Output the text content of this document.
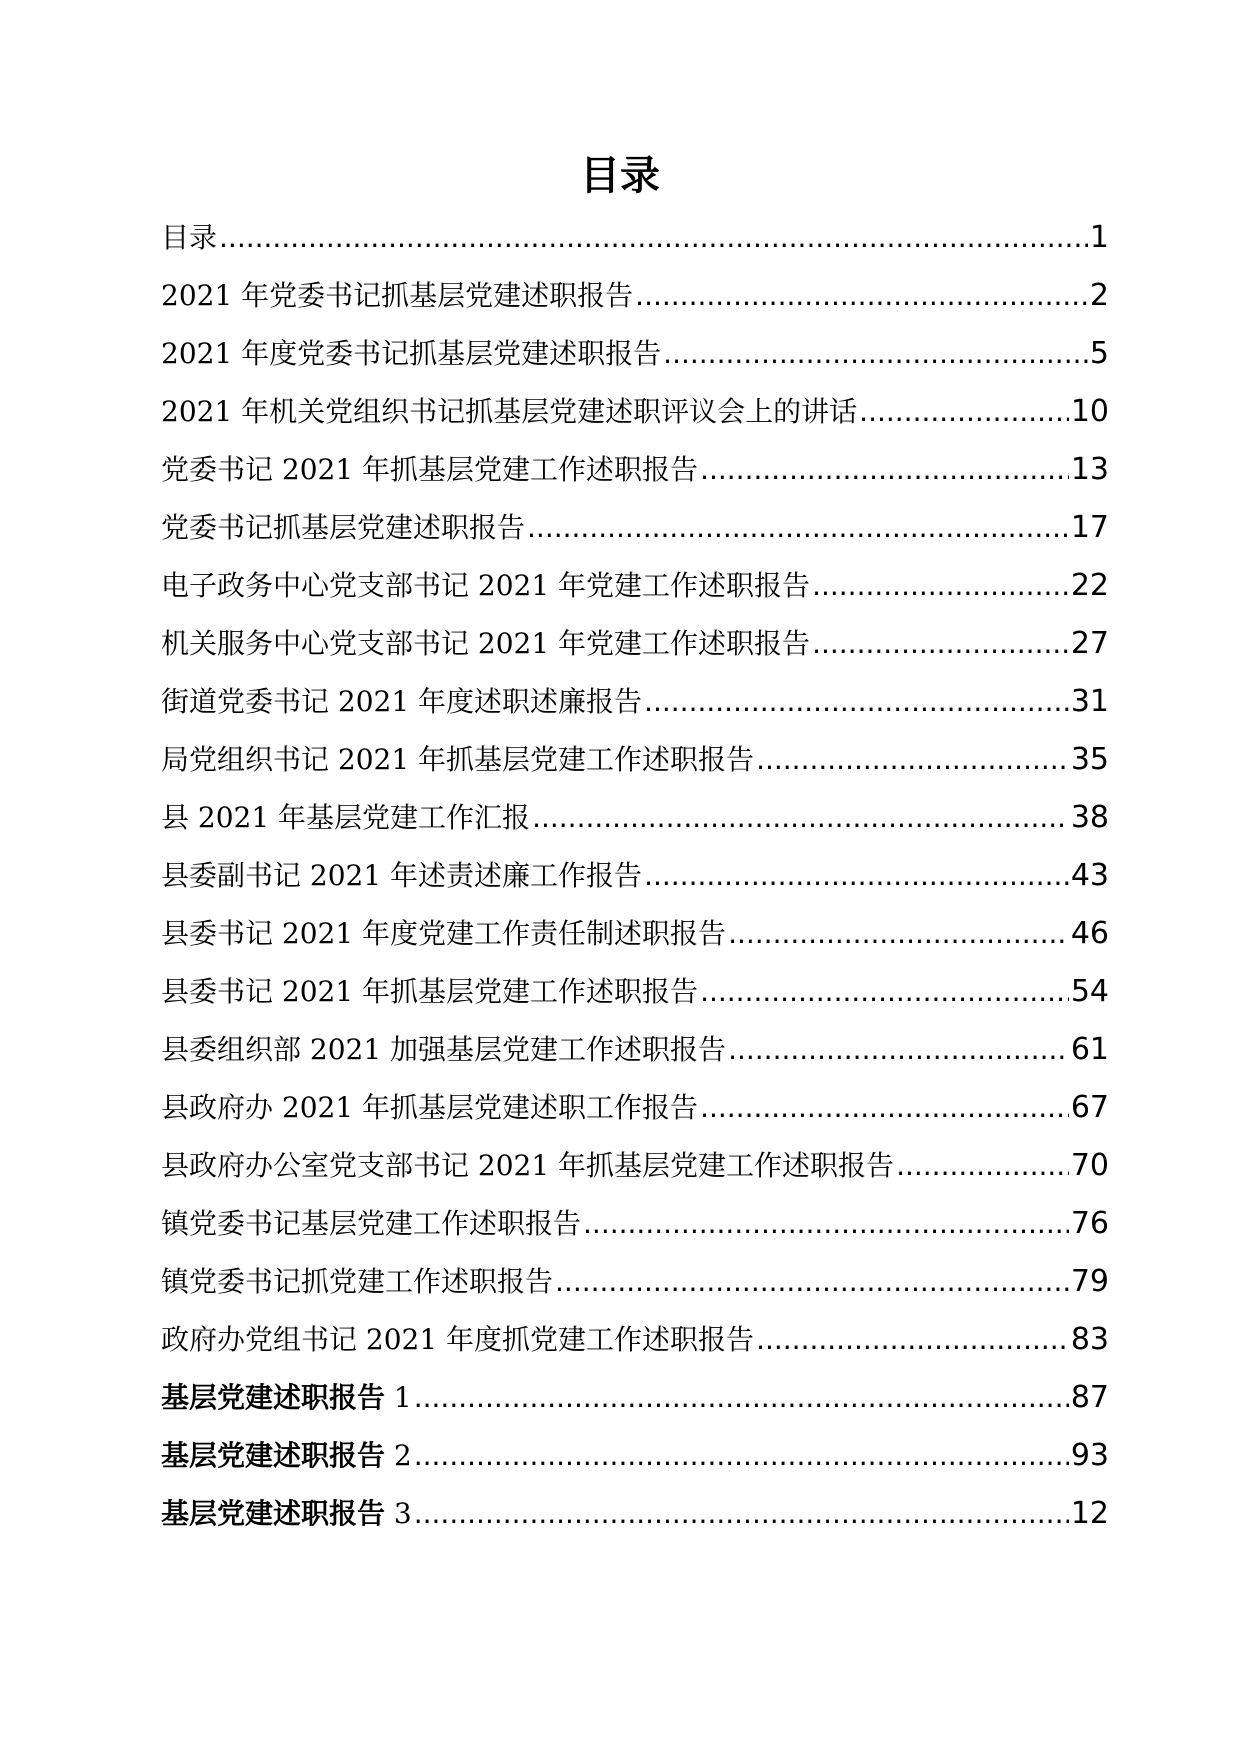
目录
目录 .....	1
2021 年党委书记抓基层党建述职报告 .....	2
2021 年度党委书记抓基层党建述职报告 .....	5
2021 年机关党组织书记抓基层党建述职评议会上的讲话 .....	10
党委书记 2021 年抓基层党建工作述职报告 .....	13
党委书记抓基层党建述职报告 .....	17
电子政务中心党支部书记 2021 年党建工作述职报告 .....	22
机关服务中心党支部书记 2021 年党建工作述职报告 .....	27
街道党委书记 2021 年度述职述廉报告 .....	31
局党组织书记 2021 年抓基层党建工作述职报告 .....	35
县 2021 年基层党建工作汇报 .....	38
县委副书记 2021 年述责述廉工作报告 .....	43
县委书记 2021 年度党建工作责任制述职报告 .....	46
县委书记 2021 年抓基层党建工作述职报告 .....	54
县委组织部 2021 加强基层党建工作述职报告 .....	61
县政府办 2021 年抓基层党建述职工作报告 .....	67
县政府办公室党支部书记 2021 年抓基层党建工作述职报告 .....	70
镇党委书记基层党建工作述职报告 .....	76
镇党委书记抓党建工作述职报告 .....	79
政府办党组书记 2021 年度抓党建工作述职报告 .....	83
基层党建述职报告 1 .....	87
基层党建述职报告 2 .....	93
基层党建述职报告 3 .....	12
